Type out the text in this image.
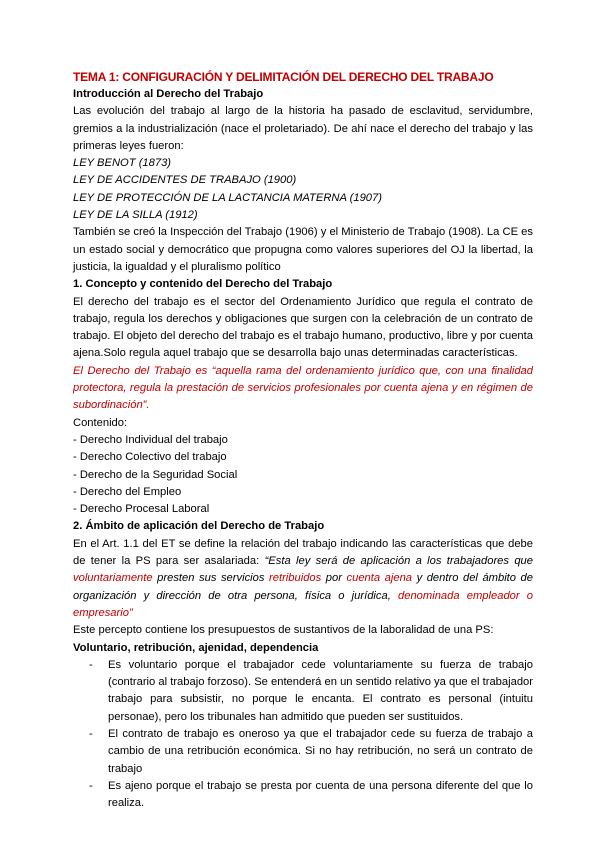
TEMA 1: CONFIGURACIÓN Y DELIMITACIÓN DEL DERECHO DEL TRABAJO

Introducción al Derecho del Trabajo

Las evolución del trabajo al largo de la historia ha pasado de esclavitud, servidumbre, gremios a la industrialización (nace el proletariado). De ahí nace el derecho del trabajo y las primeras leyes fueron:

LEY BENOT (1873)

LEY DE ACCIDENTES DE TRABAJO (1900)

LEY DE PROTECCIÓN DE LA LACTANCIA MATERNA (1907)

LEY DE LA SILLA (1912)

También se creó la Inspección del Trabajo (1906) y el Ministerio de Trabajo (1908). La CE es un estado social y democrático que propugna como valores superiores del OJ la libertad, la justicia, la igualdad y el pluralismo político

1. Concepto y contenido del Derecho del Trabajo

El derecho del trabajo es el sector del Ordenamiento Jurídico que regula el contrato de trabajo, regula los derechos y obligaciones que surgen con la celebración de un contrato de trabajo. El objeto del derecho del trabajo es el trabajo humano, productivo, libre y por cuenta ajena.Solo regula aquel trabajo que se desarrolla bajo unas determinadas características.

El Derecho del Trabajo es “aquella rama del ordenamiento jurídico que, con una finalidad protectora, regula la prestación de servicios profesionales por cuenta ajena y en régimen de subordinación”.

Contenido:

- Derecho Individual del trabajo
- Derecho Colectivo del trabajo
- Derecho de la Seguridad Social
- Derecho del Empleo
- Derecho Procesal Laboral

2. Ámbito de aplicación del Derecho de Trabajo

En el Art. 1.1 del ET se define la relación del trabajo indicando las características que debe de tener la PS para ser asalariada: “Esta ley será de aplicación a los trabajadores que voluntariamente presten sus servicios retribuidos por cuenta ajena y dentro del ámbito de organización y dirección de otra persona, física o jurídica, denominada empleador o empresario”

Este percepto contiene los presupuestos de sustantivos de la laboralidad de una PS:

Voluntario, retribución, ajenidad, dependencia

- Es voluntario porque el trabajador cede voluntariamente su fuerza de trabajo (contrario al trabajo forzoso). Se entenderá en un sentido relativo ya que el trabajador trabajo para subsistir, no porque le encanta. El contrato es personal (intuitu personae), pero los tribunales han admitido que pueden ser sustituidos.
- El contrato de trabajo es oneroso ya que el trabajador cede su fuerza de trabajo a cambio de una retribución económica. Si no hay retribución, no será un contrato de trabajo
- Es ajeno porque el trabajo se presta por cuenta de una persona diferente del que lo realiza.
